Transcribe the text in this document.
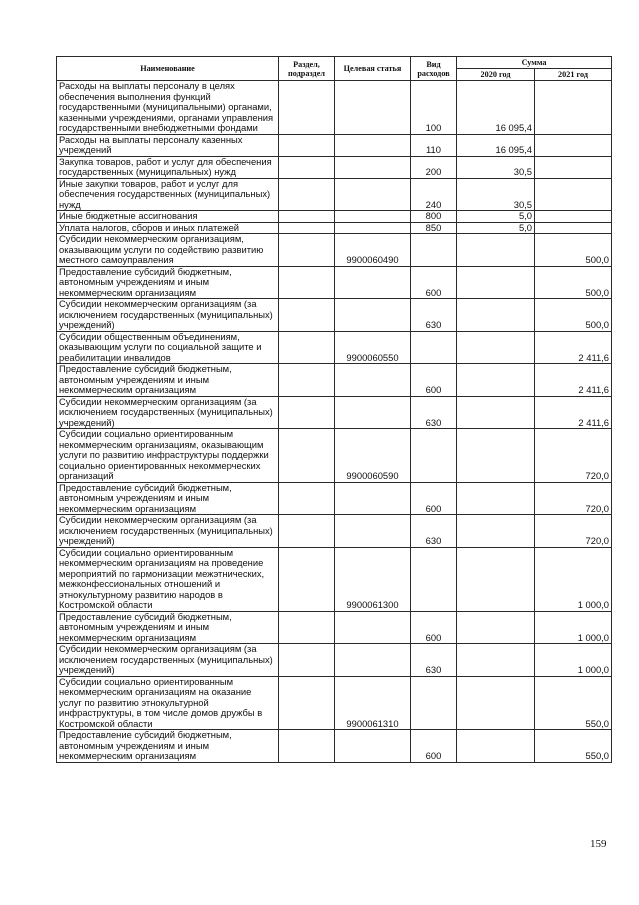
Наименование	Раздел, подраздел	Целевая статья	Вид расходов	Сумма	
				2020 год	2021 год
Расходы на выплаты персоналу в целях обеспечения выполнения функций государственными (муниципальными) органами, казенными учреждениями, органами управления государственными внебюджетными фондами			100	16 095,4	
Расходы на выплаты персоналу казенных учреждений			110	16 095,4	
Закупка товаров, работ и услуг для обеспечения государственных (муниципальных) нужд			200	30,5	
Иные закупки товаров, работ и услуг для обеспечения государственных (муниципальных) нужд			240	30,5	
Иные бюджетные ассигнования			800	5,0	
Уплата налогов, сборов и иных платежей			850	5,0	
Субсидии некоммерческим организациям, оказывающим услуги по содействию развитию местного самоуправления		9900060490			500,0
Предоставление субсидий бюджетным, автономным учреждениям и иным некоммерческим организациям			600		500,0
Субсидии некоммерческим организациям (за исключением государственных (муниципальных) учреждений)			630		500,0
Субсидии общественным объединениям, оказывающим услуги по социальной защите и реабилитации инвалидов		9900060550			2 411,6
Предоставление субсидий бюджетным, автономным учреждениям и иным некоммерческим организациям			600		2 411,6
Субсидии некоммерческим организациям (за исключением государственных (муниципальных) учреждений)			630		2 411,6
Субсидии социально ориентированным некоммерческим организациям, оказывающим услуги по развитию инфраструктуры поддержки социально ориентированных некоммерческих организаций		9900060590			720,0
Предоставление субсидий бюджетным, автономным учреждениям и иным некоммерческим организациям			600		720,0
Субсидии некоммерческим организациям (за исключением государственных (муниципальных) учреждений)			630		720,0
Субсидии социально ориентированным некоммерческим организациям на проведение мероприятий по гармонизации межэтнических, межконфессиональных отношений и этнокультурному развитию народов в Костромской области		9900061300			1 000,0
Предоставление субсидий бюджетным, автономным учреждениям и иным некоммерческим организациям			600		1 000,0
Субсидии некоммерческим организациям (за исключением государственных (муниципальных) учреждений)			630		1 000,0
Субсидии социально ориентированным некоммерческим организациям на оказание услуг по развитию этнокультурной инфраструктуры, в том числе домов дружбы в Костромской области		9900061310			550,0
Предоставление субсидий бюджетным, автономным учреждениям и иным некоммерческим организациям			600		550,0
159
